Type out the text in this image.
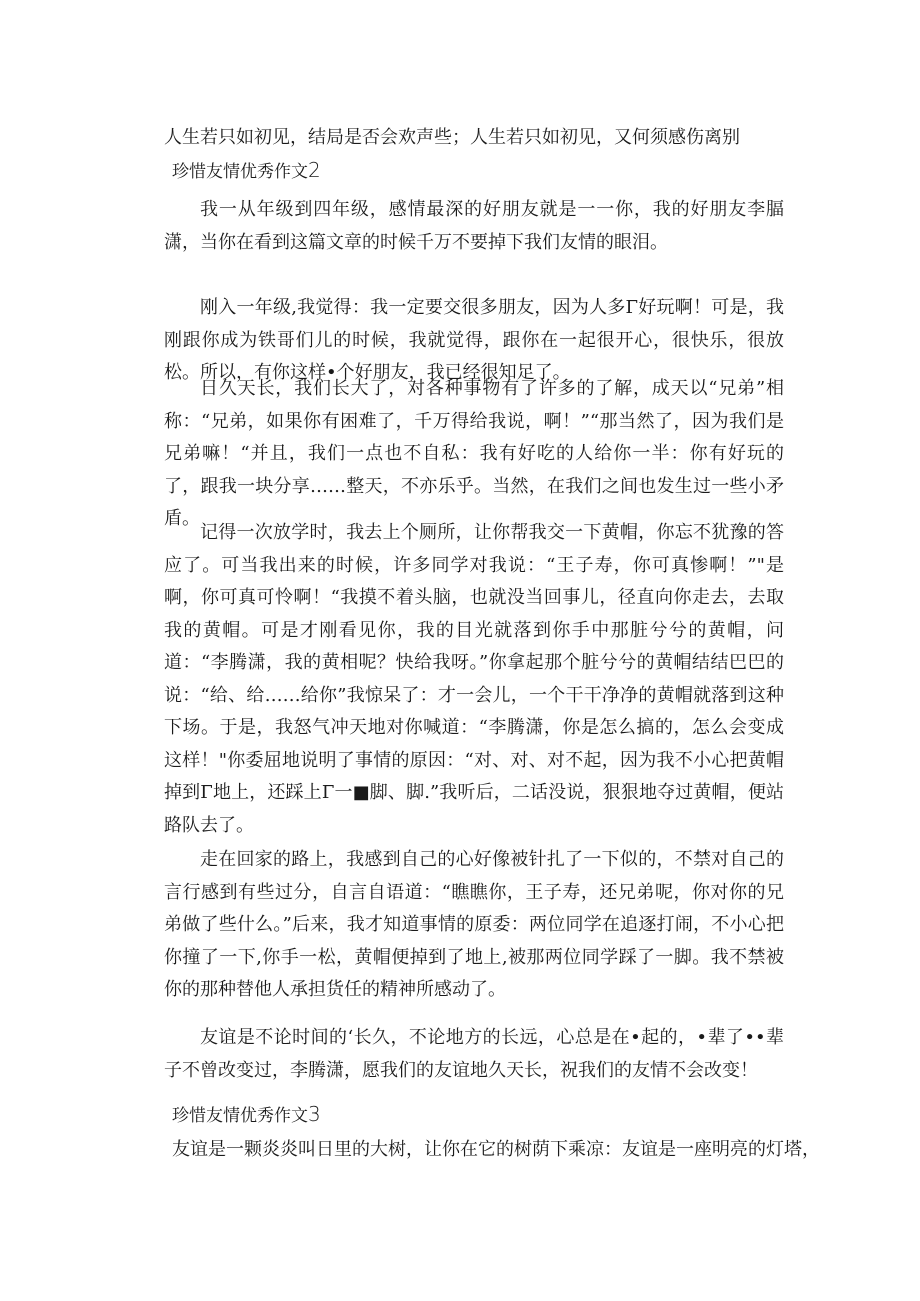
人生若只如初见，结局是否会欢声些；人生若只如初见，又何须感伤离别
珍惜友情优秀作文2
我一从年级到四年级，感情最深的好朋友就是一一你，我的好朋友李腷潇，当你在看到这篇文章的时候千万不要掉下我们友情的眼泪。
刚入一年级,我觉得：我一定要交很多朋友，因为人多Γ好玩啊！可是，我刚跟你成为铁哥们儿的时候，我就觉得，跟你在一起很开心，很快乐，很放松。所以，有你这样•个好朋友，我已经很知足了。
日久天长，我们长大了，对各种事物有了许多的了解，成天以“兄弟”相称：“兄弟，如果你有困难了，千万得给我说，啊！”“那当然了，因为我们是兄弟嘛！“并且，我们一点也不自私：我有好吃的人给你一半：你有好玩的了，跟我一块分享……整天，不亦乐乎。当然，在我们之间也发生过一些小矛盾。
记得一次放学时，我去上个厕所，让你帮我交一下黄帽，你忘不犹豫的答应了。可当我出来的时候，许多同学对我说：“王子寿，你可真惨啊！”"是啊，你可真可怜啊！“我摸不着头脑，也就没当回事儿，径直向你走去，去取我的黄帽。可是才刚看见你，我的目光就落到你手中那脏兮兮的黄帽，问道：“李腾潇，我的黄相呢？快给我呀。”你拿起那个脏兮兮的黄帽结结巴巴的说：“给、给……给你”我惊呆了：才一会儿，一个干干净净的黄帽就落到这种下场。于是，我怒气冲天地对你喊道：“李腾潇，你是怎么搞的，怎么会变成这样！"你委屈地说明了事情的原因：“对、对、对不起，因为我不小心把黄帽掉到Γ地上，还踩上Γ一■脚、脚.”我听后，二话没说，狠狠地夺过黄帽，便站路队去了。
走在回家的路上，我感到自己的心好像被针扎了一下似的，不禁对自己的言行感到有些过分，自言自语道：“瞧瞧你，王子寿，还兄弟呢，你对你的兄弟做了些什么。”后来，我才知道事情的原委：两位同学在追逐打闹，不小心把你撞了一下,你手一松，黄帽便掉到了地上,被那两位同学踩了一脚。我不禁被你的那种替他人承担货任的精神所感动了。
友谊是不论时间的‘长久，不论地方的长远，心总是在•起的，•辈了••辈子不曾改变过，李腾潇，愿我们的友谊地久天长，祝我们的友情不会改变！
珍惜友情优秀作文3
友谊是一颗炎炎叫日里的大树，让你在它的树荫下乘凉：友谊是一座明亮的灯塔，
